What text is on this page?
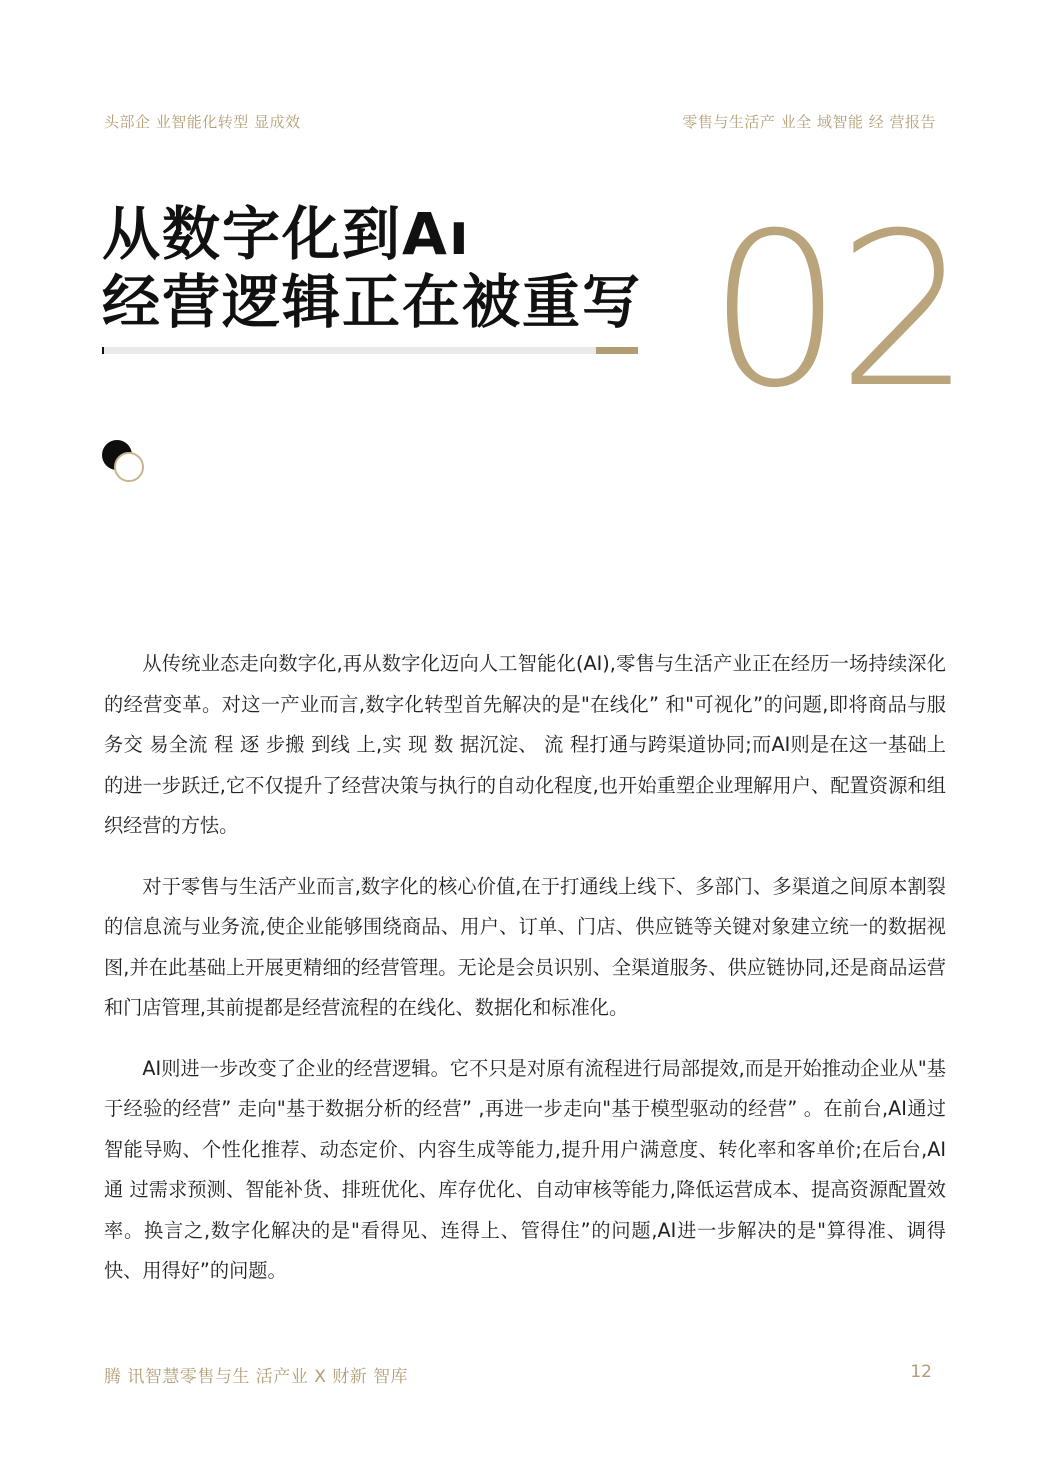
头部企 业智能化转型 显成效	零售与生活产 业全 域智能 经 营报告
从数字化到Aı
经营逻辑正在被重写 02

从传统业态走向数字化,再从数字化迈向人工智能化(AI),零售与生活产业正在经历一场持续深化的经营变革。对这一产业而言,数字化转型首先解决的是"在线化” 和"可视化”的问题,即将商品与服 务交 易全流 程 逐 步搬 到线 上,实 现 数 据沉淀、 流 程打通与跨渠道协同;而AI则是在这一基础上的进一步跃迁,它不仅提升了经营决策与执行的自动化程度,也开始重塑企业理解用户、配置资源和组织经营的方怯。

对于零售与生活产业而言,数字化的核心价值,在于打通线上线下、多部门、多渠道之间原本割裂的信息流与业务流,使企业能够围绕商品、用户、订单、门店、供应链等关键对象建立统一的数据视图,并在此基础上开展更精细的经营管理。无论是会员识别、全渠道服务、供应链协同,还是商品运营和门店管理,其前提都是经营流程的在线化、数据化和标准化。

AI则进一步改变了企业的经营逻辑。它不只是对原有流程进行局部提效,而是开始推动企业从"基于经验的经营” 走向"基于数据分析的经营” ,再进一步走向"基于模型驱动的经营” 。在前台,AI通过智能导购、个性化推荐、动态定价、内容生成等能力,提升用户满意度、转化率和客单价;在后台,AI通 过需求预测、智能补货、排班优化、库存优化、自动审核等能力,降低运营成本、提高资源配置效率。换言之,数字化解决的是"看得见、连得上、管得住”的问题,AI进一步解决的是"算得准、调得快、用得好”的问题。

腾 讯智慧零售与生 活产业 X 财新 智库	12
